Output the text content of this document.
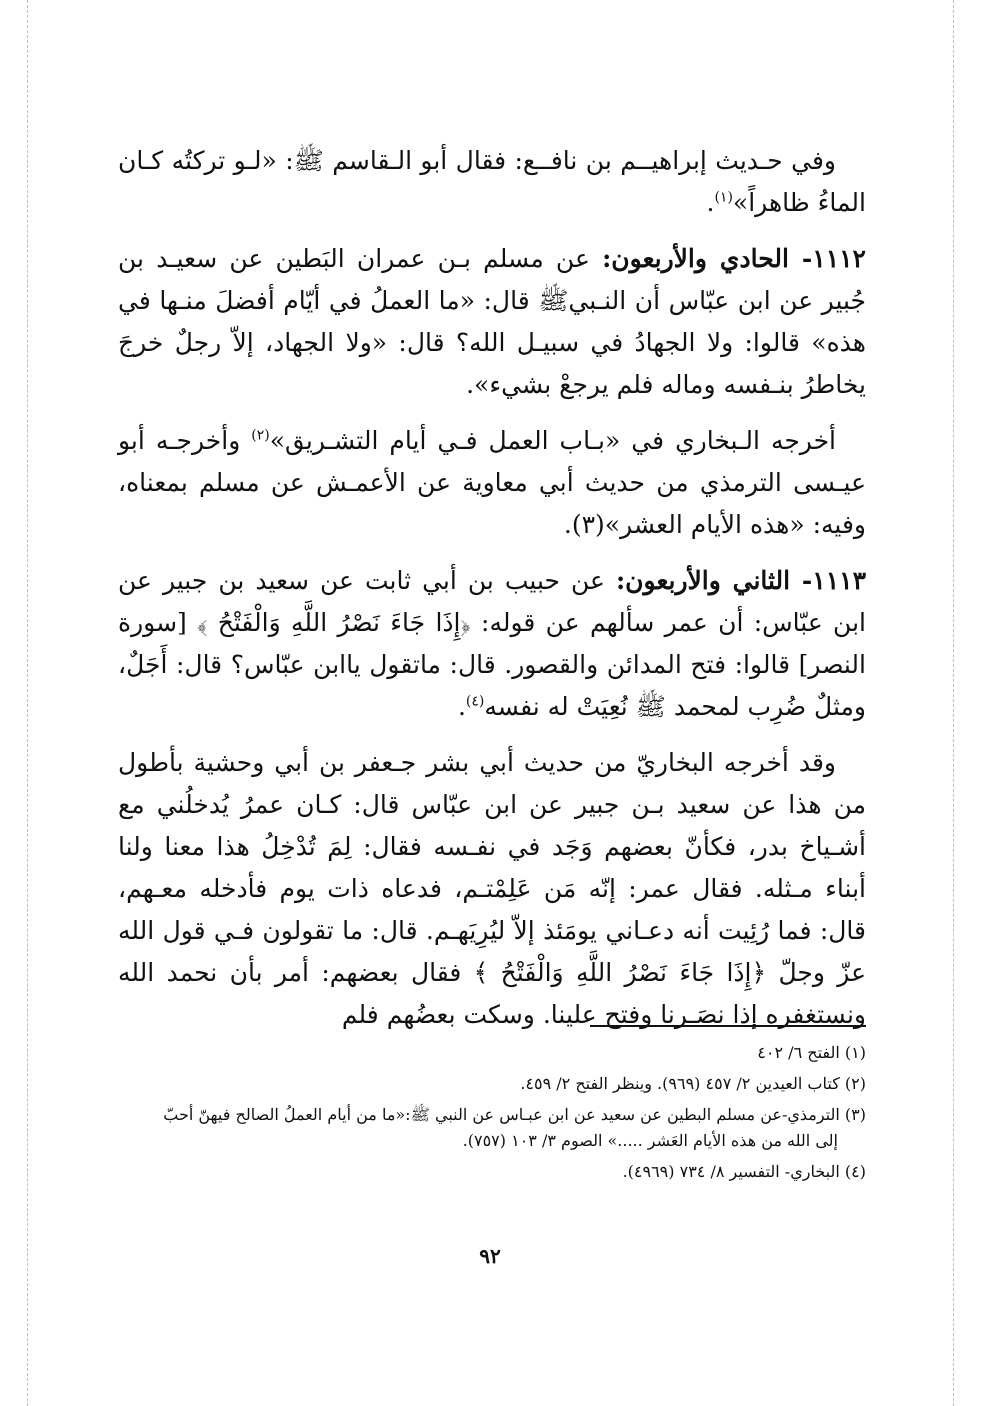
وفي حـديث إبراهيــم بن نافــع: فقال أبو الـقاسم ﷺ: «لـو تركتُه كـان الماءُ ظاهراً»$^{(١)}$.

١١١٢- الحادي والأربعون: عن مسلم بـن عمران البَطين عن سعيـد بن جُبير عن ابن عبّاس أن النـبيﷺ قال: «ما العملُ في أيّام أفضلَ منـها في هذه» قالوا: ولا الجهادُ في سبيـل الله؟ قال: «ولا الجهاد، إلاّ رجلٌ خرجَ يخاطرُ بنـفسه وماله فلم يرجعْ بشيء».

أخرجه الـبخاري في «بـاب العمل فـي أيام التشـريق»$^{(٢)}$ وأخرجـه أبو عيـسى الترمذي من حديث أبي معاوية عن الأعمـش عن مسلم بمعناه، وفيه: «هذه الأيام العشر»(٣).

١١١٣- الثاني والأربعون: عن حبيب بن أبي ثابت عن سعيد بن جبير عن ابن عبّاس: أن عمر سألهم عن قوله: ﴿إِذَا جَاءَ نَصْرُ اللَّهِ وَالْفَتْحُ ﴾ [سورة النصر] قالوا: فتح المدائن والقصور. قال: ماتقول ياابن عبّاس؟ قال: أَجَلٌ، ومثلٌ ضُرِب لمحمد ﷺ نُعِيَتْ له نفسه$^{(٤)}$.

وقد أخرجه البخاريّ من حديث أبي بشر جـعفر بن أبي وحشية بأطول من هذا عن سعيد بـن جبير عن ابن عبّاس قال: كـان عمرُ يُدخلُني مع أشـياخ بدر، فكأنّ بعضهم وَجَد في نفـسه فقال: لِمَ تُدْخِلُ هذا معنا ولنا أبناء مـثله. فقال عمر: إنّه مَن عَلِمْتـم، فدعاه ذات يوم فأدخله معـهم، قال: فما رُئِيت أنه دعـاني يومَئذ إلاّ ليُرِيَهـم. قال: ما تقولون فـي قول الله عزّ وجلّ ﴿إِذَا جَاءَ نَصْرُ اللَّهِ وَالْفَتْحُ ﴾ فقال بعضهم: أمر بأن نحمد الله ونستغفره إذا نصَـرنا وفتح علينا. وسكت بعضُهم فلم

(١) الفتح ٦/ ٤٠٢

(٢) كتاب العيدين ٢/ ٤٥٧ (٩٦٩). وينظر الفتح ٢/ ٤٥٩.

(٣) الترمذي-عن مسلم البطين عن سعيد عن ابن عبـاس عن النبي ﷺ:«ما من أيام العملُ الصالح فيهنّ أحبّ
إلى الله من هذه الأيام العَشر .....» الصوم ٣/ ١٠٣ (٧٥٧).

(٤) البخاري- التفسير ٨/ ٧٣٤ (٤٩٦٩).

٩٢
